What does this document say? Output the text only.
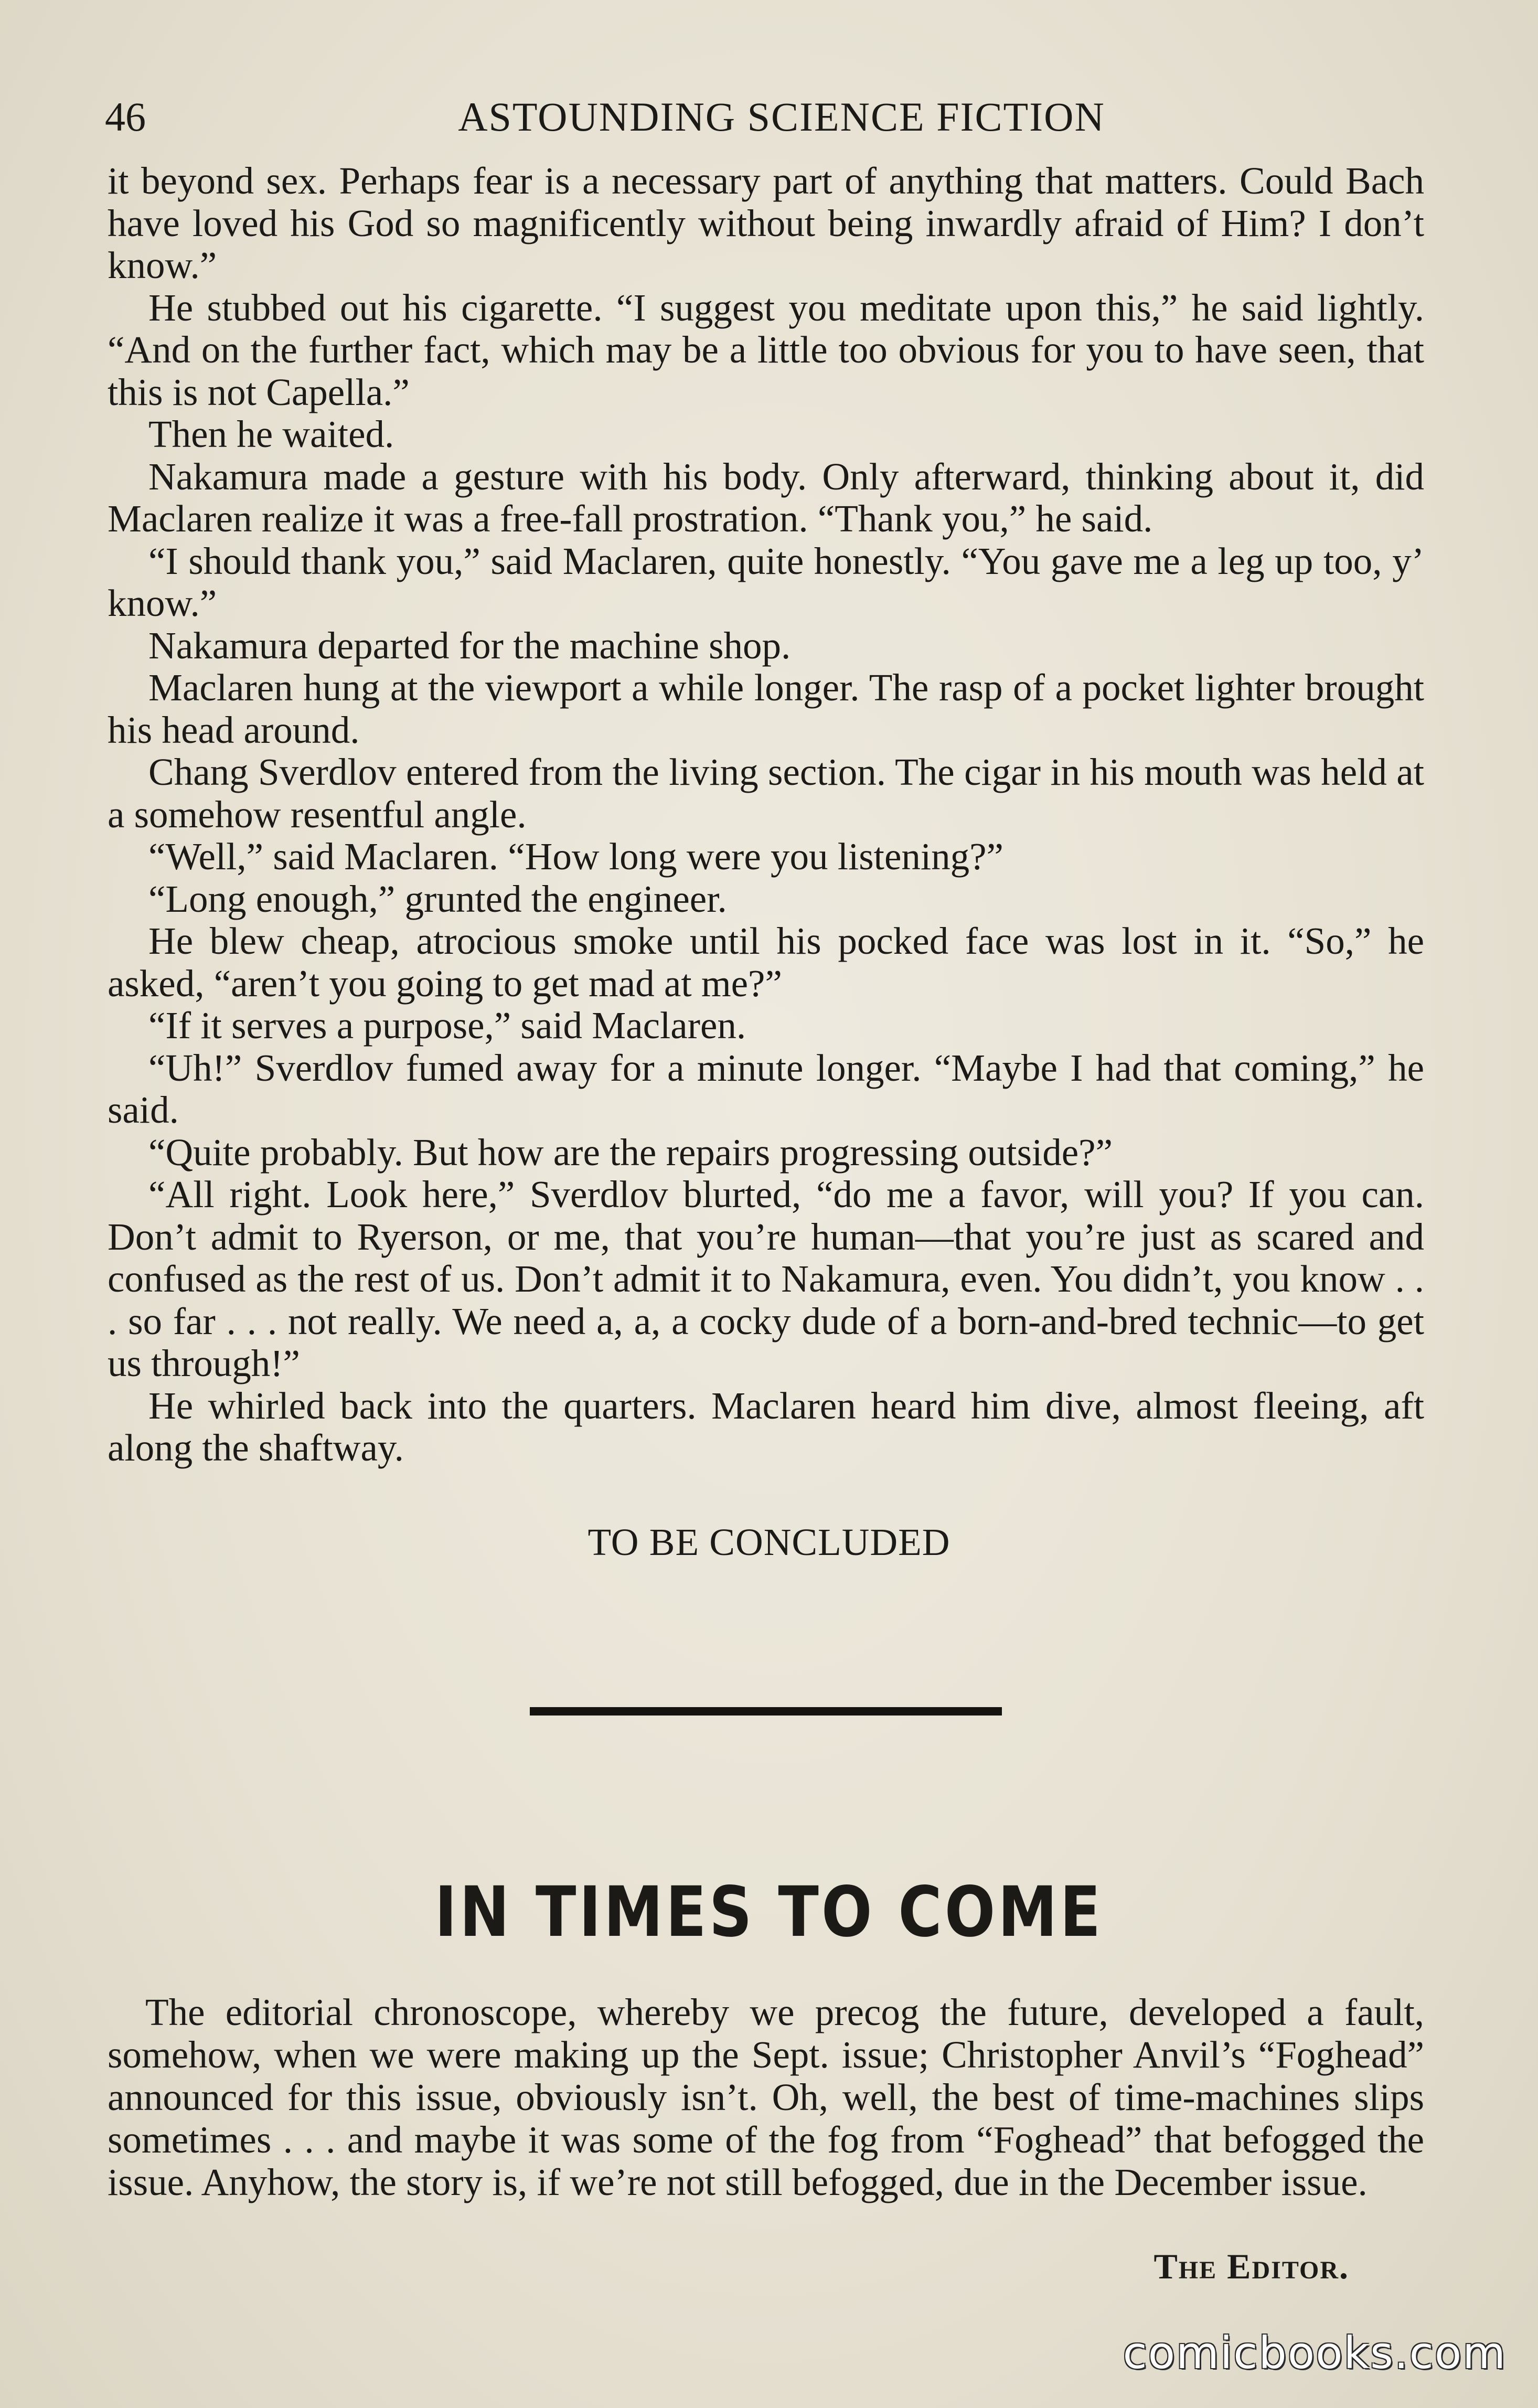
46	ASTOUNDING SCIENCE FICTION

it beyond sex. Perhaps fear is a necessary part of anything that matters. Could Bach have loved his God so magnificently without being inwardly afraid of Him? I don’t know.”

He stubbed out his cigarette. “I suggest you meditate upon this,” he said lightly. “And on the further fact, which may be a little too obvious for you to have seen, that this is not Capella.”

Then he waited.

Nakamura made a gesture with his body. Only afterward, thinking about it, did Maclaren realize it was a free-fall prostration. “Thank you,” he said.

“I should thank you,” said Maclaren, quite honestly. “You gave me a leg up too, y’ know.”

Nakamura departed for the machine shop.

Maclaren hung at the viewport a while longer. The rasp of a pocket lighter brought his head around.

Chang Sverdlov entered from the living section. The cigar in his mouth was held at a somehow resentful angle.

“Well,” said Maclaren. “How long were you listening?”

“Long enough,” grunted the engineer.

He blew cheap, atrocious smoke until his pocked face was lost in it. “So,” he asked, “aren’t you going to get mad at me?”

“If it serves a purpose,” said Maclaren.

“Uh!” Sverdlov fumed away for a minute longer. “Maybe I had that coming,” he said.

“Quite probably. But how are the repairs progressing outside?”

“All right. Look here,” Sverdlov blurted, “do me a favor, will you? If you can. Don’t admit to Ryerson, or me, that you’re human—that you’re just as scared and confused as the rest of us. Don’t admit it to Nakamura, even. You didn’t, you know . . . so far . . . not really. We need a, a, a cocky dude of a born-and-bred technic—to get us through!”

He whirled back into the quarters. Maclaren heard him dive, almost fleeing, aft along the shaftway.

TO BE CONCLUDED
IN TIMES TO COME

The editorial chronoscope, whereby we precog the future, developed a fault, somehow, when we were making up the Sept. issue; Christopher Anvil’s “Foghead” announced for this issue, obviously isn’t. Oh, well, the best of time-machines slips sometimes . . . and maybe it was some of the fog from “Foghead” that befogged the issue. Anyhow, the story is, if we’re not still befogged, due in the December issue.

The Editor.
comicbooks.com
